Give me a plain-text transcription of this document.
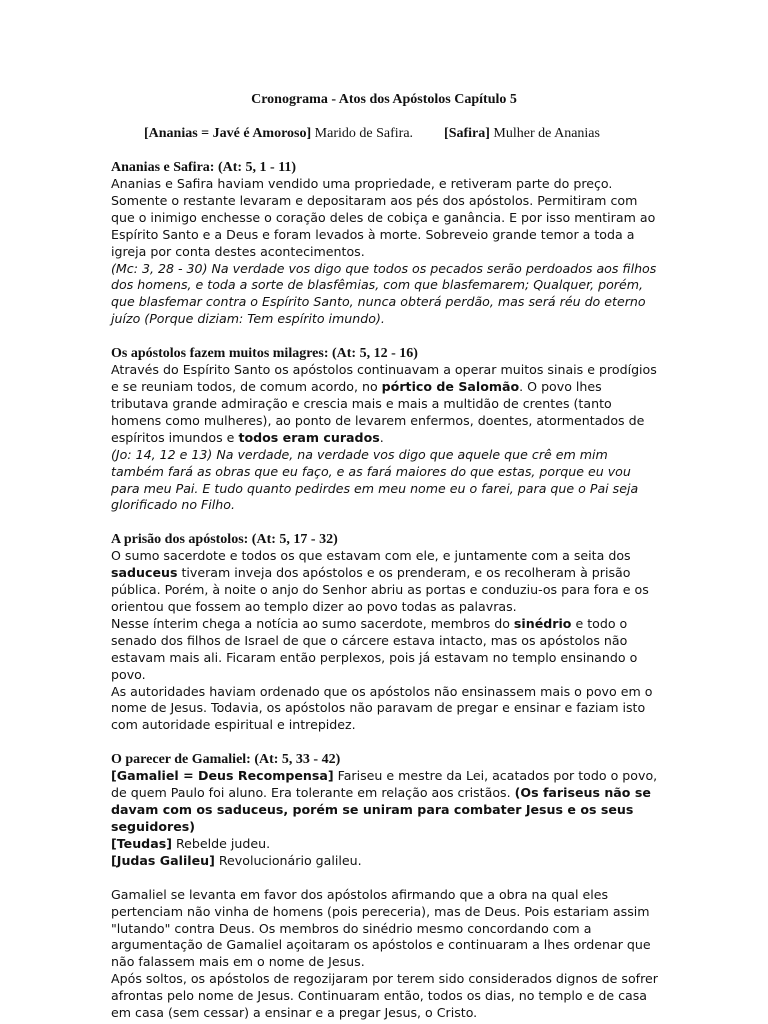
Cronograma - Atos dos Apóstolos Capítulo 5
[Ananias = Javé é Amoroso] Marido de Safira. [Safira] Mulher de Ananias
Ananias e Safira: (At: 5, 1 - 11)

Ananias e Safira haviam vendido uma propriedade, e retiveram parte do preço. Somente o restante levaram e depositaram aos pés dos apóstolos. Permitiram com que o inimigo enchesse o coração deles de cobiça e ganância. E por isso mentiram ao Espírito Santo e a Deus e foram levados à morte. Sobreveio grande temor a toda a igreja por conta destes acontecimentos.

(Mc: 3, 28 - 30) Na verdade vos digo que todos os pecados serão perdoados aos filhos dos homens, e toda a sorte de blasfêmias, com que blasfemarem; Qualquer, porém, que blasfemar contra o Espírito Santo, nunca obterá perdão, mas será réu do eterno juízo (Porque diziam: Tem espírito imundo).

Os apóstolos fazem muitos milagres: (At: 5, 12 - 16)

Através do Espírito Santo os apóstolos continuavam a operar muitos sinais e prodígios e se reuniam todos, de comum acordo, no pórtico de Salomão. O povo lhes tributava grande admiração e crescia mais e mais a multidão de crentes (tanto homens como mulheres), ao ponto de levarem enfermos, doentes, atormentados de espíritos imundos e todos eram curados.

(Jo: 14, 12 e 13) Na verdade, na verdade vos digo que aquele que crê em mim também fará as obras que eu faço, e as fará maiores do que estas, porque eu vou para meu Pai. E tudo quanto pedirdes em meu nome eu o farei, para que o Pai seja glorificado no Filho.

A prisão dos apóstolos: (At: 5, 17 - 32)

O sumo sacerdote e todos os que estavam com ele, e juntamente com a seita dos saduceus tiveram inveja dos apóstolos e os prenderam, e os recolheram à prisão pública. Porém, à noite o anjo do Senhor abriu as portas e conduziu-os para fora e os orientou que fossem ao templo dizer ao povo todas as palavras.

Nesse ínterim chega a notícia ao sumo sacerdote, membros do sinédrio e todo o senado dos filhos de Israel de que o cárcere estava intacto, mas os apóstolos não estavam mais ali. Ficaram então perplexos, pois já estavam no templo ensinando o povo.

As autoridades haviam ordenado que os apóstolos não ensinassem mais o povo em o nome de Jesus. Todavia, os apóstolos não paravam de pregar e ensinar e faziam isto com autoridade espiritual e intrepidez.

O parecer de Gamaliel: (At: 5, 33 - 42)

[Gamaliel = Deus Recompensa] Fariseu e mestre da Lei, acatados por todo o povo, de quem Paulo foi aluno. Era tolerante em relação aos cristãos. (Os fariseus não se davam com os saduceus, porém se uniram para combater Jesus e os seus seguidores)

[Teudas] Rebelde judeu.

[Judas Galileu] Revolucionário galileu.

Gamaliel se levanta em favor dos apóstolos afirmando que a obra na qual eles pertenciam não vinha de homens (pois pereceria), mas de Deus. Pois estariam assim "lutando" contra Deus. Os membros do sinédrio mesmo concordando com a argumentação de Gamaliel açoitaram os apóstolos e continuaram a lhes ordenar que não falassem mais em o nome de Jesus.

Após soltos, os apóstolos de regozijaram por terem sido considerados dignos de sofrer afrontas pelo nome de Jesus. Continuaram então, todos os dias, no templo e de casa em casa (sem cessar) a ensinar e a pregar Jesus, o Cristo.
